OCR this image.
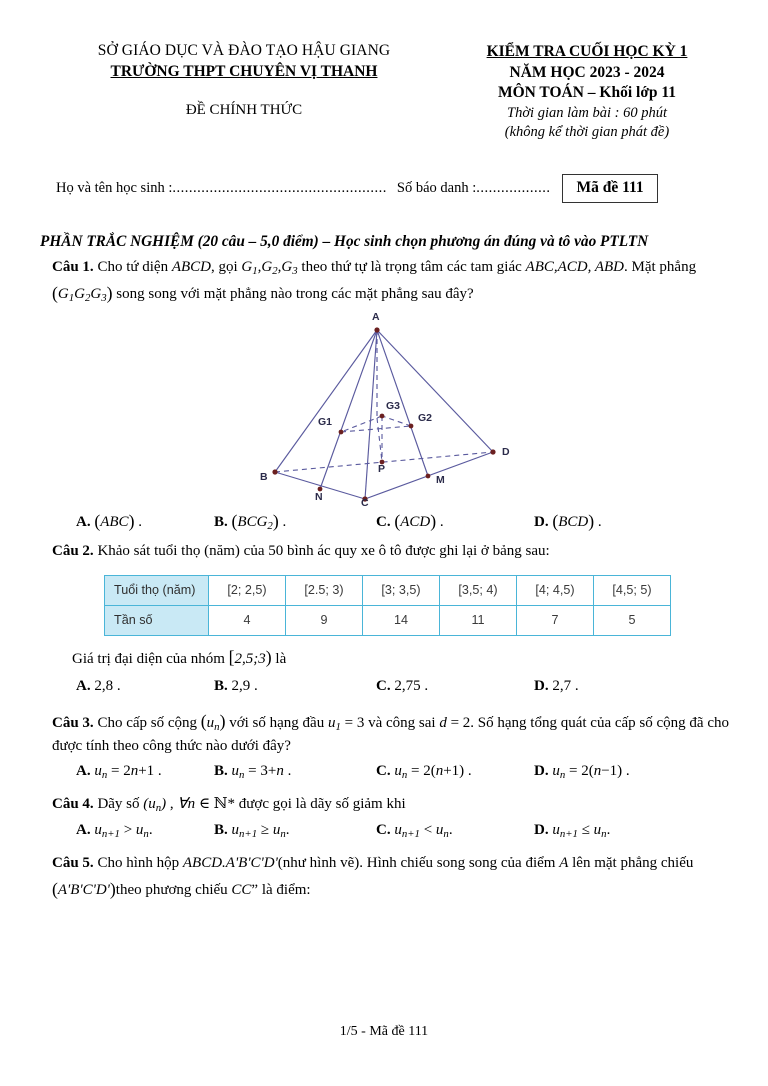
SỞ GIÁO DỤC VÀ ĐÀO TẠO HẬU GIANG
TRƯỜNG THPT CHUYÊN VỊ THANH
ĐỀ CHÍNH THỨC
KIỂM TRA CUỐI HỌC KỲ 1
NĂM HỌC 2023 - 2024
MÔN TOÁN – Khối lớp 11
Thời gian làm bài : 60 phút
(không kể thời gian phát đề)
Họ và tên học sinh : .................................................... Số báo danh : ..................	Mã đề 111
PHẦN TRẮC NGHIỆM (20 câu – 5,0 điểm) – Học sinh chọn phương án đúng và tô vào PTLTN
Câu 1. Cho tứ diện ABCD, gọi $G_1,G_2,G_3$ theo thứ tự là trọng tâm các tam giác ABC,ACD, ABD. Mặt phẳng $(G_1G_2G_3)$ song song với mặt phẳng nào trong các mặt phẳng sau đây?
A
B
C
D
G1	G2
G3
M
N
P
A. (ABC) .	B. $(BCG_2)$ .	C. (ACD) .	D. (BCD) .
Câu 2. Khảo sát tuổi thọ (năm) của 50 bình ác quy xe ô tô được ghi lại ở bảng sau:
Tuổi thọ (năm)	[2; 2,5)	[2.5; 3)	[3; 3,5)	[3,5; 4)	[4; 4,5)	[4,5; 5)
Tần số	4	9	14	11	7	5
Giá trị đại diện của nhóm [2,5;3) là
A. 2,8 .	B. 2,9 .	C. 2,75 .	D. 2,7 .
Câu 3. Cho cấp số cộng $(u_n)$ với số hạng đầu $u_1 = 3$ và công sai d = 2. Số hạng tổng quát của cấp số cộng đã cho được tính theo công thức nào dưới đây?
A. $u_n = 2n+1$ .	B. $u_n = 3+n$ .	C. $u_n = 2(n+1)$ .	D. $u_n = 2(n-1)$ .
Câu 4. Dãy số $(u_n)$ , ∀n ∈ ℕ* được gọi là dãy số giảm khi
A. $u_{n+1} > u_n$.	B. $u_{n+1} \ge u_n$.	C. $u_{n+1} < u_n$.	D. $u_{n+1} \le u_n$.
Câu 5. Cho hình hộp ABCD.A'B'C'D'(như hình vẽ). Hình chiếu song song của điểm A lên mặt phẳng chiếu (A'B'C'D')theo phương chiếu CC” là điểm:
1/5 - Mã đề 111
